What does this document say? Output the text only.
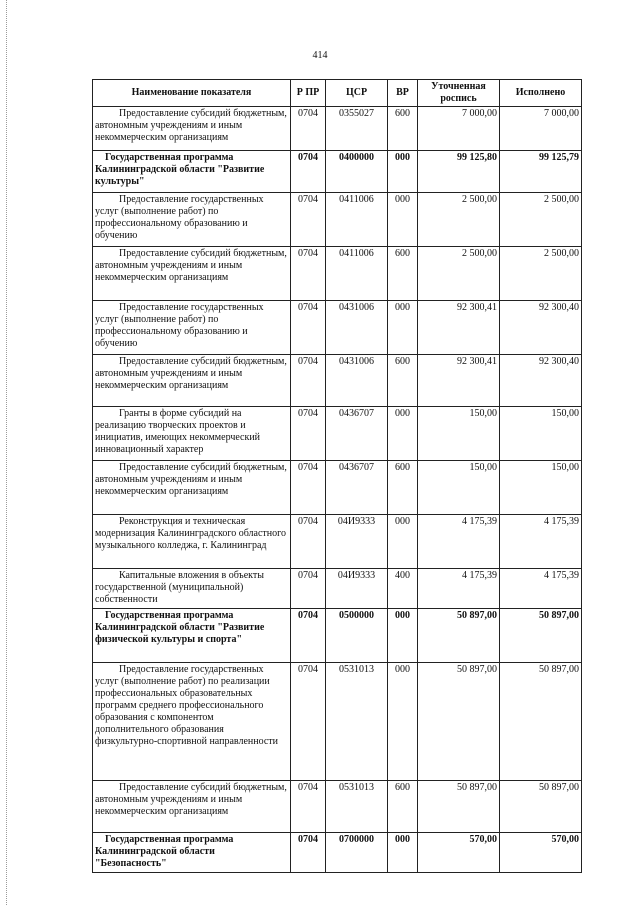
414
Наименование показателя	Р ПР	ЦСР	ВР	Уточненная роспись	Исполнено
Предоставление субсидий бюджетным, автономным учреждениям и иным некоммерческим организациям	0704	0355027	600	7 000,00	7 000,00
Государственная программа Калининградской области "Развитие культуры"	0704	0400000	000	99 125,80	99 125,79
Предоставление государственных услуг (выполнение работ) по профессиональному образованию и обучению	0704	0411006	000	2 500,00	2 500,00
Предоставление субсидий бюджетным, автономным учреждениям и иным некоммерческим организациям	0704	0411006	600	2 500,00	2 500,00
Предоставление государственных услуг (выполнение работ) по профессиональному образованию и обучению	0704	0431006	000	92 300,41	92 300,40
Предоставление субсидий бюджетным, автономным учреждениям и иным некоммерческим организациям	0704	0431006	600	92 300,41	92 300,40
Гранты в форме субсидий на реализацию творческих проектов и инициатив, имеющих некоммерческий инновационный характер	0704	0436707	000	150,00	150,00
Предоставление субсидий бюджетным, автономным учреждениям и иным некоммерческим организациям	0704	0436707	600	150,00	150,00
Реконструкция и техническая модернизация Калининградского областного музыкального колледжа, г. Калининград	0704	04И9333	000	4 175,39	4 175,39
Капитальные вложения в объекты государственной (муниципальной) собственности	0704	04И9333	400	4 175,39	4 175,39
Государственная программа Калининградской области "Развитие физической культуры и спорта"	0704	0500000	000	50 897,00	50 897,00
Предоставление государственных услуг (выполнение работ) по реализации профессиональных образовательных программ среднего профессионального образования с компонентом дополнительного образования физкультурно-спортивной направленности	0704	0531013	000	50 897,00	50 897,00
Предоставление субсидий бюджетным, автономным учреждениям и иным некоммерческим организациям	0704	0531013	600	50 897,00	50 897,00
Государственная программа Калининградской области "Безопасность"	0704	0700000	000	570,00	570,00
